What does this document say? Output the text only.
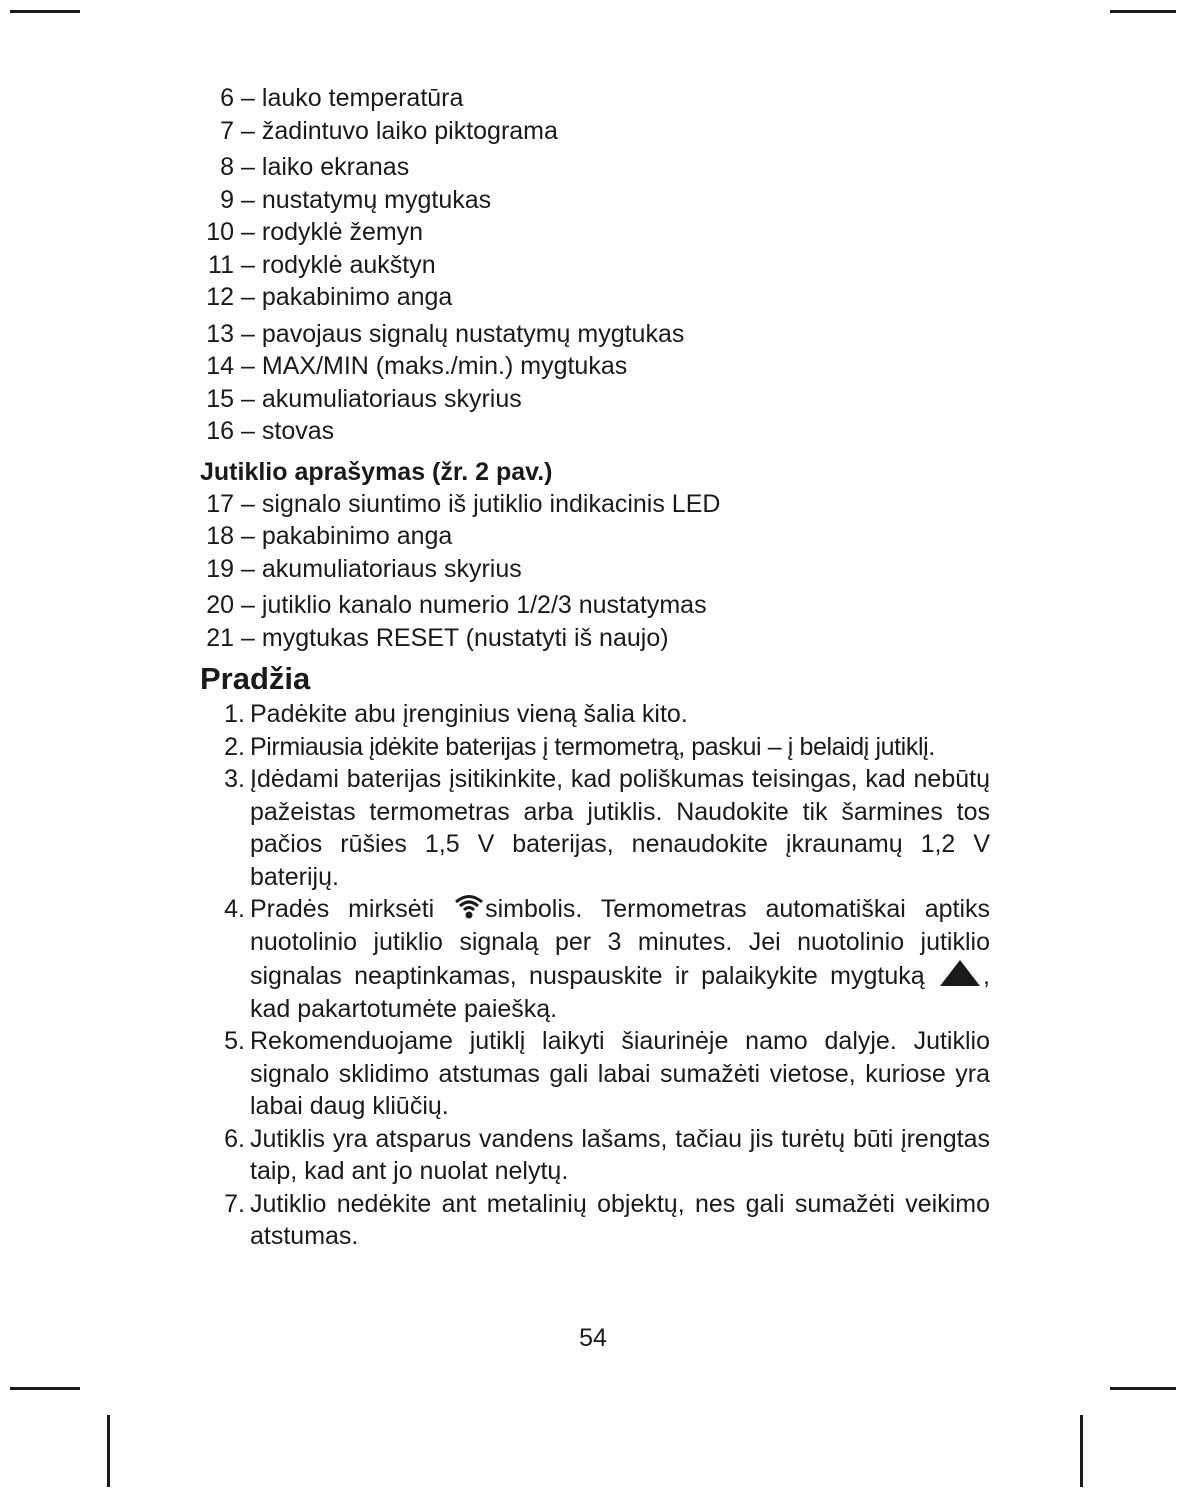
6 – lauko temperatūra
7 – žadintuvo laiko piktograma
8 – laiko ekranas
9 – nustatymų mygtukas
10 – rodyklė žemyn
11 – rodyklė aukštyn
12 – pakabinimo anga
13 – pavojaus signalų nustatymų mygtukas
14 – MAX/MIN (maks./min.) mygtukas
15 – akumuliatoriaus skyrius
16 – stovas
Jutiklio aprašymas (žr. 2 pav.)
17 – signalo siuntimo iš jutiklio indikacinis LED
18 – pakabinimo anga
19 – akumuliatoriaus skyrius
20 – jutiklio kanalo numerio 1/2/3 nustatymas
21 – mygtukas RESET (nustatyti iš naujo)
Pradžia
1. Padėkite abu įrenginius vieną šalia kito.
2. Pirmiausia įdėkite baterijas į termometrą, paskui – į belaidį jutiklį.
3. Įdėdami baterijas įsitikinkite, kad poliškumas teisingas, kad nebūtų pažeistas termometras arba jutiklis. Naudokite tik šarmines tos pačios rūšies 1,5 V baterijas, nenaudokite įkraunamų 1,2 V baterijų.
4. Pradės mirksėti simbolis. Termometras automatiškai aptiks nuotolinio jutiklio signalą per 3 minutes. Jei nuotolinio jutiklio signalas neaptinkamas, nuspauskite ir palaikykite mygtuką , kad pakartotumėte paiešką.
5. Rekomenduojame jutiklį laikyti šiaurinėje namo dalyje. Jutiklio signalo sklidimo atstumas gali labai sumažėti vietose, kuriose yra labai daug kliūčių.
6. Jutiklis yra atsparus vandens lašams, tačiau jis turėtų būti įrengtas taip, kad ant jo nuolat nelytų.
7. Jutiklio nedėkite ant metalinių objektų, nes gali sumažėti veikimo atstumas.
54
